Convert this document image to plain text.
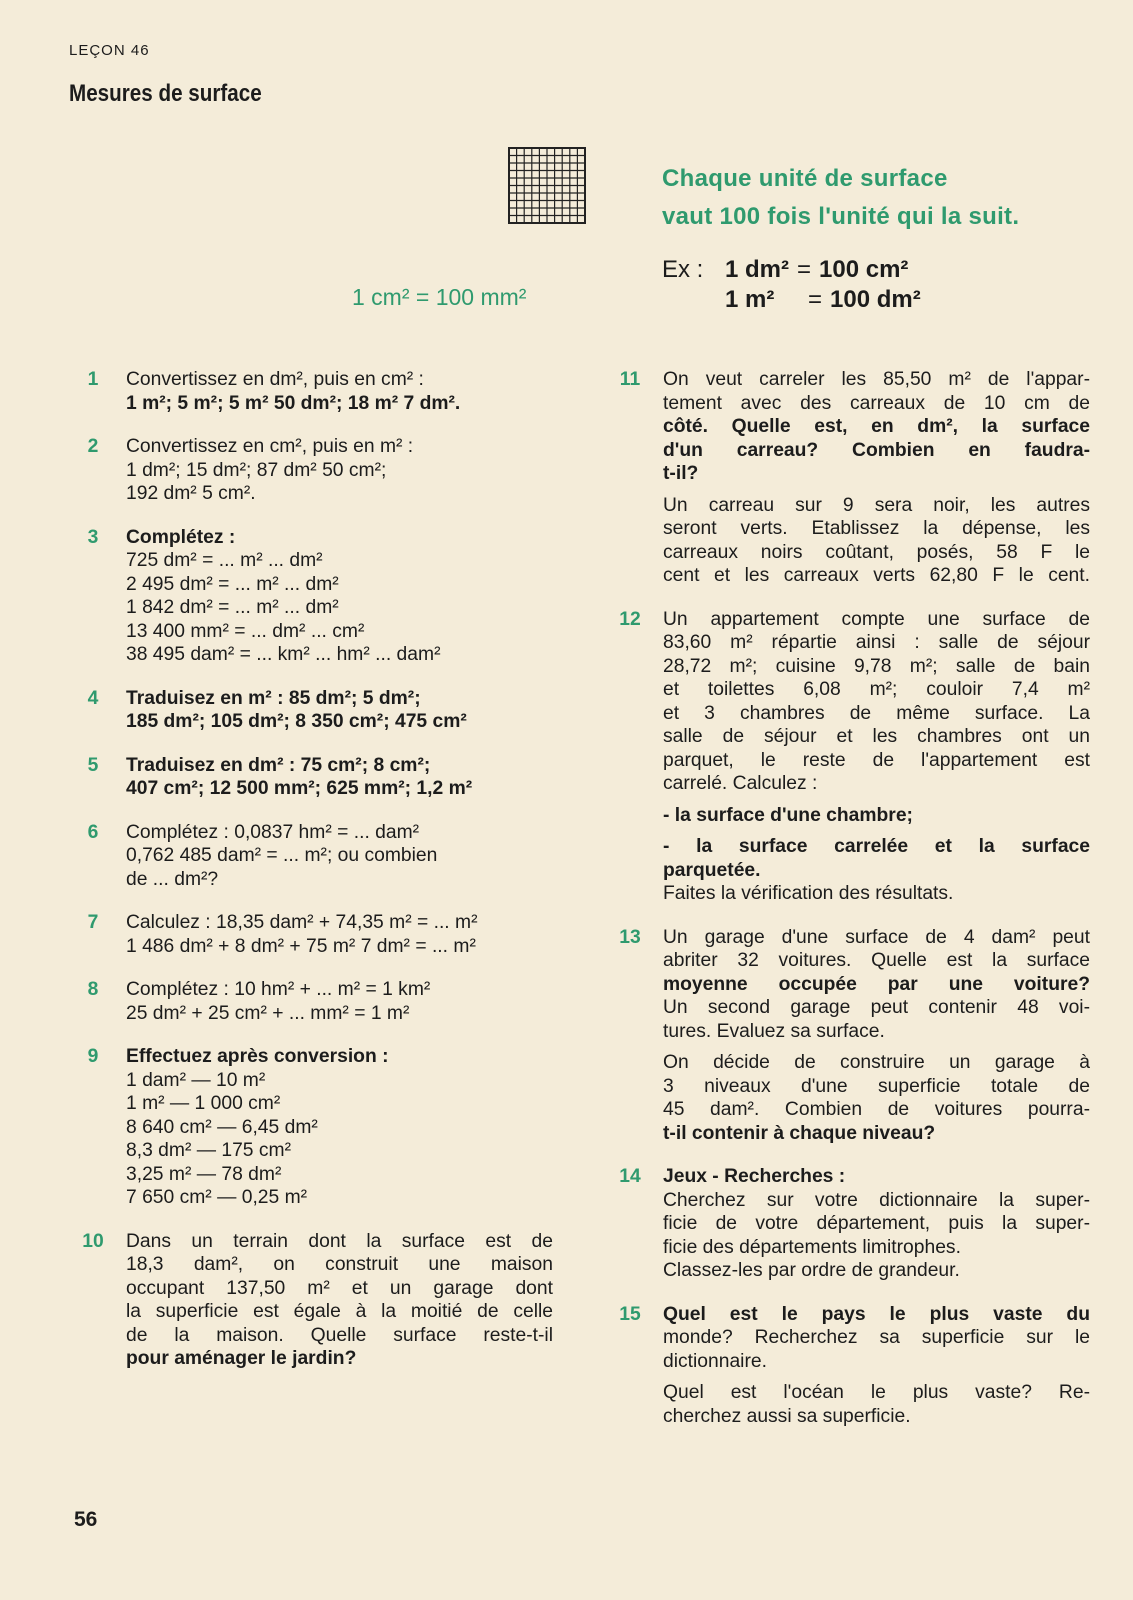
LEÇON 46
Mesures de surface
Chaque unité de surface
vaut 100 fois l'unité qui la suit.
1 cm² = 100 mm²
Ex : 1 dm² = 100 cm²
1 m²	= 100 dm²
1	Convertissez en dm², puis en cm² :
1 m²; 5 m²; 5 m² 50 dm²; 18 m² 7 dm².
2	Convertissez en cm², puis en m² :
1 dm²; 15 dm²; 87 dm² 50 cm²;
192 dm² 5 cm².
3	Complétez :
725 dm² = ... m² ... dm²
2 495 dm² = ... m² ... dm²
1 842 dm² = ... m² ... dm²
13 400 mm² = ... dm² ... cm²
38 495 dam² = ... km² ... hm² ... dam²
4	Traduisez en m² : 85 dm²; 5 dm²;
185 dm²; 105 dm²; 8 350 cm²; 475 cm²
5	Traduisez en dm² : 75 cm²; 8 cm²;
407 cm²; 12 500 mm²; 625 mm²; 1,2 m²
6	Complétez : 0,0837 hm² = ... dam²
0,762 485 dam² = ... m²; ou combien
de ... dm²?
7	Calculez : 18,35 dam² + 74,35 m² = ... m²
1 486 dm² + 8 dm² + 75 m² 7 dm² = ... m²
8	Complétez : 10 hm² + ... m² = 1 km²
25 dm² + 25 cm² + ... mm² = 1 m²
9	Effectuez après conversion :
1 dam² — 10 m²
1 m² — 1 000 cm²
8 640 cm² — 6,45 dm²
8,3 dm² — 175 cm²
3,25 m² — 78 dm²
7 650 cm² — 0,25 m²
10	Dans un terrain dont la surface est de
18,3 dam², on construit une maison
occupant 137,50 m² et un garage dont
la superficie est égale à la moitié de celle
de la maison. Quelle surface reste-t-il
pour aménager le jardin?
11	On veut carreler les 85,50 m² de l'appar-
tement avec des carreaux de 10 cm de
côté. Quelle est, en dm², la surface
d'un carreau? Combien en faudra-
t-il?
Un carreau sur 9 sera noir, les autres
seront verts. Etablissez la dépense, les
carreaux noirs coûtant, posés, 58 F le
cent et les carreaux verts 62,80 F le cent.
12	Un appartement compte une surface de
83,60 m² répartie ainsi : salle de séjour
28,72 m²; cuisine 9,78 m²; salle de bain
et toilettes 6,08 m²; couloir 7,4 m²
et 3 chambres de même surface. La
salle de séjour et les chambres ont un
parquet, le reste de l'appartement est
carrelé. Calculez :
- la surface d'une chambre;
- la surface carrelée et la surface
parquetée.
Faites la vérification des résultats.
13	Un garage d'une surface de 4 dam² peut
abriter 32 voitures. Quelle est la surface
moyenne occupée par une voiture?
Un second garage peut contenir 48 voi-
tures. Evaluez sa surface.
On décide de construire un garage à
3 niveaux d'une superficie totale de
45 dam². Combien de voitures pourra-
t-il contenir à chaque niveau?
14	Jeux - Recherches :
Cherchez sur votre dictionnaire la super-
ficie de votre département, puis la super-
ficie des départements limitrophes.
Classez-les par ordre de grandeur.
15	Quel est le pays le plus vaste du
monde? Recherchez sa superficie sur le
dictionnaire.
Quel est l'océan le plus vaste? Re-
cherchez aussi sa superficie.
56
